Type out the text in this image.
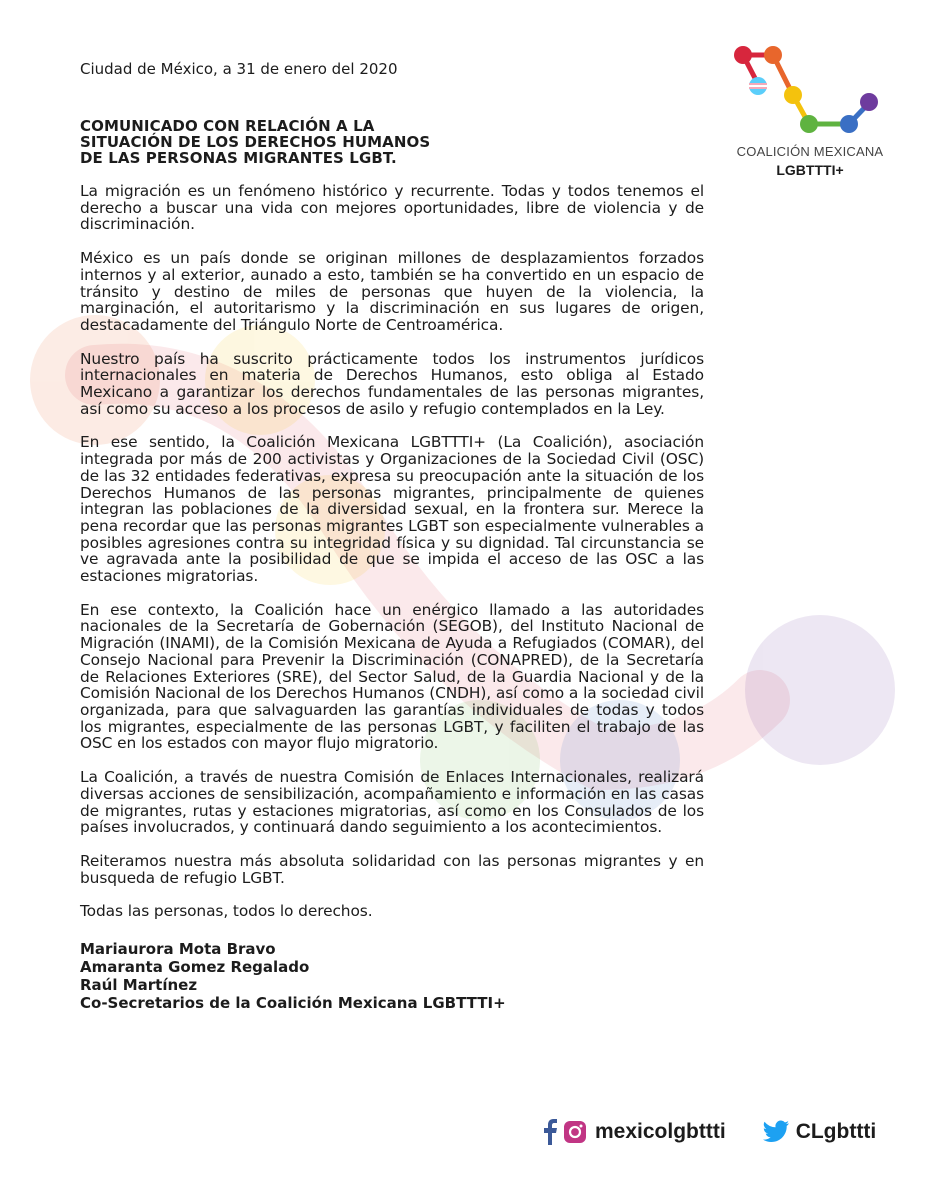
COALICIÓN MEXICANA
LGBTTTI+

Ciudad de México, a 31 de enero del 2020

COMUNICADO CON RELACIÓN A LA
SITUACIÓN DE LOS DERECHOS HUMANOS
DE LAS PERSONAS MIGRANTES LGBT.

La migración es un fenómeno histórico y recurrente. Todas y todos tenemos el derecho a buscar una vida con mejores oportunidades, libre de violencia y de discriminación.

México es un país donde se originan millones de desplazamientos forzados internos y al exterior, aunado a esto, también se ha convertido en un espacio de tránsito y destino de miles de personas que huyen de la violencia, la marginación, el autoritarismo y la discriminación en sus lugares de origen, destacadamente del Triángulo Norte de Centroamérica.

Nuestro país ha suscrito prácticamente todos los instrumentos jurídicos internacionales en materia de Derechos Humanos, esto obliga al Estado Mexicano a garantizar los derechos fundamentales de las personas migrantes, así como su acceso a los procesos de asilo y refugio contemplados en la Ley.

En ese sentido, la Coalición Mexicana LGBTTTI+ (La Coalición), asociación integrada por más de 200 activistas y Organizaciones de la Sociedad Civil (OSC) de las 32 entidades federativas, expresa su preocupación ante la situación de los Derechos Humanos de las personas migrantes, principalmente de quienes integran las poblaciones de la diversidad sexual, en la frontera sur. Merece la pena recordar que las personas migrantes LGBT son especialmente vulnerables a posibles agresiones contra su integridad física y su dignidad. Tal circunstancia se ve agravada ante la posibilidad de que se impida el acceso de las OSC a las estaciones migratorias.

En ese contexto, la Coalición hace un enérgico llamado a las autoridades nacionales de la Secretaría de Gobernación (SEGOB), del Instituto Nacional de Migración (INAMI), de la Comisión Mexicana de Ayuda a Refugiados (COMAR), del Consejo Nacional para Prevenir la Discriminación (CONAPRED), de la Secretaría de Relaciones Exteriores (SRE), del Sector Salud, de la Guardia Nacional y de la Comisión Nacional de los Derechos Humanos (CNDH), así como a la sociedad civil organizada, para que salvaguarden las garantías individuales de todas y todos los migrantes, especialmente de las personas LGBT, y faciliten el trabajo de las OSC en los estados con mayor flujo migratorio.

La Coalición, a través de nuestra Comisión de Enlaces Internacionales, realizará diversas acciones de sensibilización, acompañamiento e información en las casas de migrantes, rutas y estaciones migratorias, así como en los Consulados de los países involucrados, y continuará dando seguimiento a los acontecimientos.

Reiteramos nuestra más absoluta solidaridad con las personas migrantes y en busqueda de refugio LGBT.

Todas las personas, todos lo derechos.

Mariaurora Mota Bravo
Amaranta Gomez Regalado
Raúl Martínez
Co-Secretarios de la Coalición Mexicana LGBTTTI+
mexicolgbttti	CLgbttti
